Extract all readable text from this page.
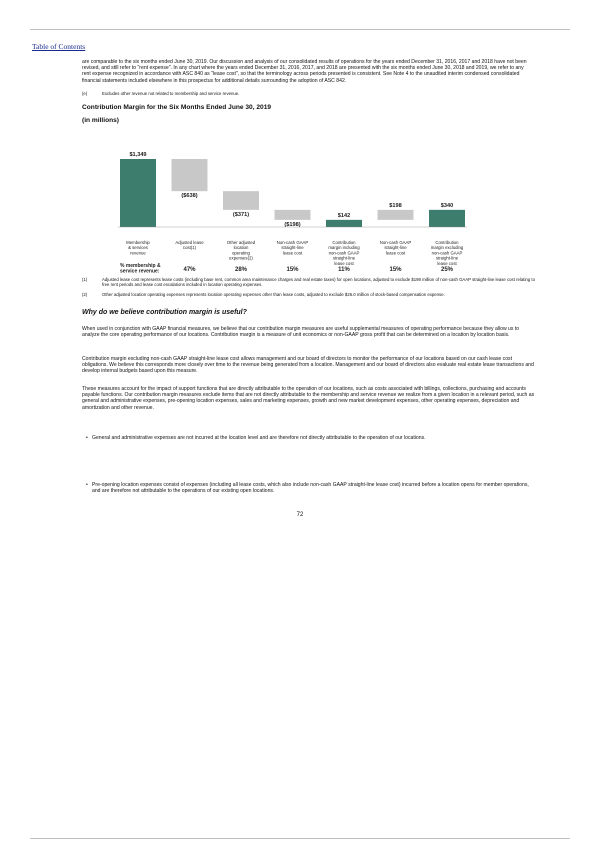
Table of Contents
are comparable to the six months ended June 30, 2019. Our discussion and analysis of our consolidated results of operations for the years ended December 31, 2016, 2017 and 2018 have not been revised, and still refer to "rent expense". In any chart where the years ended December 31, 2016, 2017, and 2018 are presented with the six months ended June 30, 2018 and 2019, we refer to any rent expense recognized in accordance with ASC 840 as "lease cost", so that the terminology across periods presented is consistent. See Note 4 to the unaudited interim condensed consolidated financial statements included elsewhere in this prospectus for additional details surrounding the adoption of ASC 842.
(e)	Excludes other revenue not related to membership and service revenue.
Contribution Margin for the Six Months Ended June 30, 2019
(in millions)
$1,349
Membership
& services
revenue
($638)
Adjusted lease
cost(1)
($371)
Other adjusted
location
operating
expenses(2)
($198)
Non-cash GAAP
straight-line
lease cost
$142
Contribution
margin including
non-cash GAAP
straight-line
lease cost
$198
Non-cash GAAP
straight-line
lease cost
$340
Contribution
margin excluding
non-cash GAAP
straight-line
lease cost
% membership &
service revenue:	47%	28%	15%	11%	15%	25%
(1)	Adjusted lease cost represents lease costs (including base rent, common area maintenance charges and real estate taxes) for open locations, adjusted to exclude $198 million of non-cash GAAP straight-line lease cost relating to free rent periods and lease cost escalations included in location operating expenses.
(2)	Other adjusted location operating expenses represents location operating expenses other than lease costs, adjusted to exclude $26.0 million of stock-based compensation expense.
Why do we believe contribution margin is useful?
When used in conjunction with GAAP financial measures, we believe that our contribution margin measures are useful supplemental measures of operating performance because they allow us to analyze the core operating performance of our locations. Contribution margin is a measure of unit economics or non-GAAP gross profit that can be determined on a location by location basis.
Contribution margin excluding non-cash GAAP straight-line lease cost allows management and our board of directors to monitor the performance of our locations based on our cash lease cost obligations. We believe this corresponds more closely over time to the revenue being generated from a location. Management and our board of directors also evaluate real estate lease transactions and develop internal budgets based upon this measure.
These measures account for the impact of support functions that are directly attributable to the operation of our locations, such as costs associated with billings, collections, purchasing and accounts payable functions. Our contribution margin measures exclude items that are not directly attributable to the membership and service revenue we realize from a given location in a relevant period, such as general and administrative expenses, pre-opening location expenses, sales and marketing expenses, growth and new market development expenses, other operating expenses, depreciation and amortization and other revenue.
• General and administrative expenses are not incurred at the location level and are therefore not directly attributable to the operation of our locations.
• Pre-opening location expenses consist of expenses (including all lease costs, which also include non-cash GAAP straight-line lease cost) incurred before a location opens for member operations, and are therefore not attributable to the operations of our existing open locations.
72
